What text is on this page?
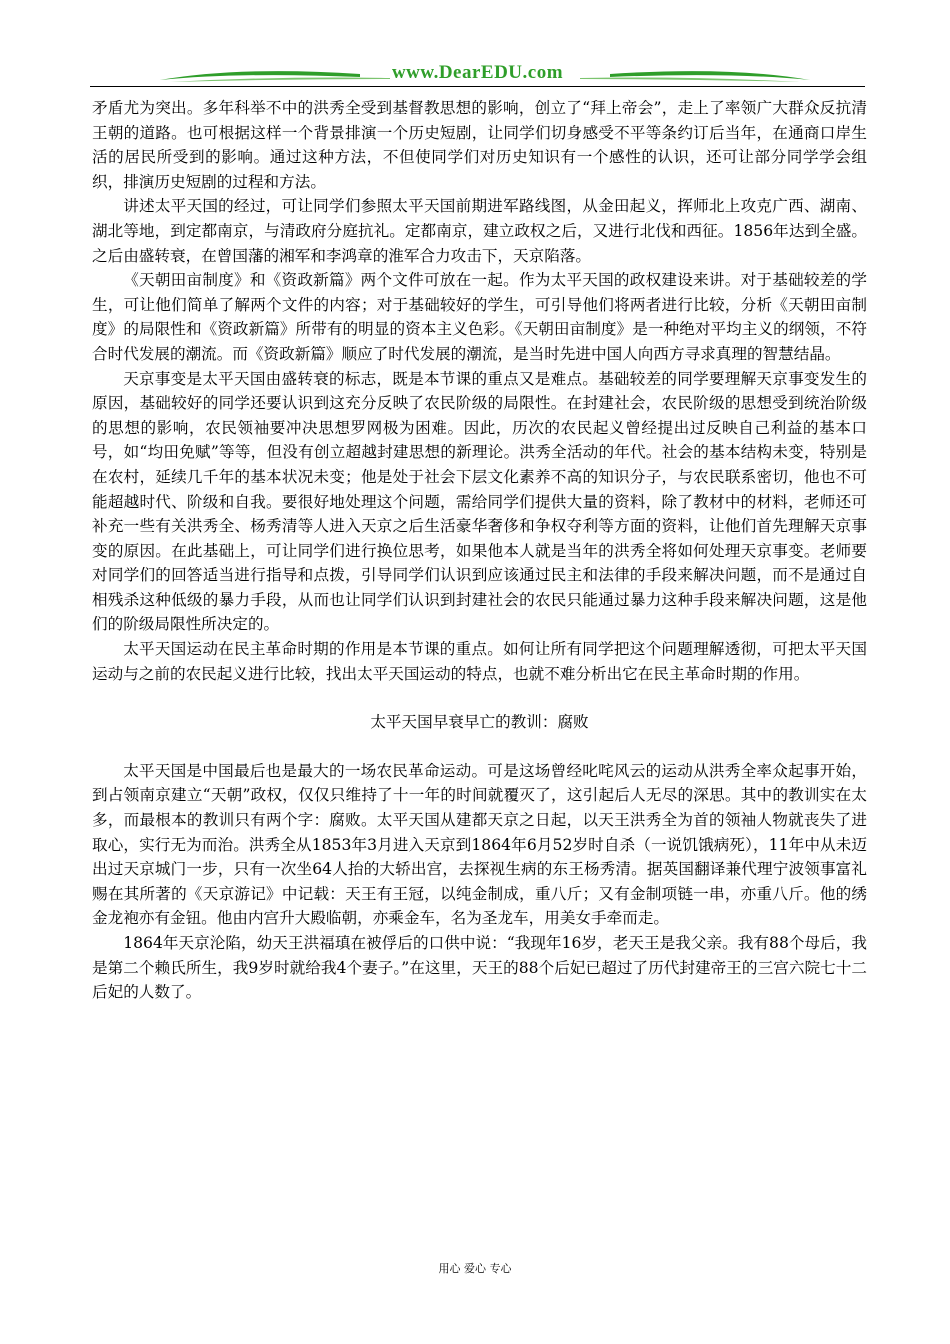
www.DearEDU.com

矛盾尤为突出。多年科举不中的洪秀全受到基督教思想的影响，创立了“拜上帝会”，走上了率领广大群众反抗清王朝的道路。也可根据这样一个背景排演一个历史短剧，让同学们切身感受不平等条约订后当年，在通商口岸生活的居民所受到的影响。通过这种方法，不但使同学们对历史知识有一个感性的认识，还可让部分同学学会组织，排演历史短剧的过程和方法。

讲述太平天国的经过，可让同学们参照太平天国前期进军路线图，从金田起义，挥师北上攻克广西、湖南、湖北等地，到定都南京，与清政府分庭抗礼。定都南京，建立政权之后，又进行北伐和西征。1856年达到全盛。之后由盛转衰，在曾国藩的湘军和李鸿章的淮军合力攻击下，天京陷落。

《天朝田亩制度》和《资政新篇》两个文件可放在一起。作为太平天国的政权建设来讲。对于基础较差的学生，可让他们简单了解两个文件的内容；对于基础较好的学生，可引导他们将两者进行比较，分析《天朝田亩制度》的局限性和《资政新篇》所带有的明显的资本主义色彩。《天朝田亩制度》是一种绝对平均主义的纲领，不符合时代发展的潮流。而《资政新篇》顺应了时代发展的潮流，是当时先进中国人向西方寻求真理的智慧结晶。

天京事变是太平天国由盛转衰的标志，既是本节课的重点又是难点。基础较差的同学要理解天京事变发生的原因，基础较好的同学还要认识到这充分反映了农民阶级的局限性。在封建社会，农民阶级的思想受到统治阶级的思想的影响，农民领袖要冲决思想罗网极为困难。因此，历次的农民起义曾经提出过反映自己利益的基本口号，如“均田免赋”等等，但没有创立超越封建思想的新理论。洪秀全活动的年代。社会的基本结构未变，特别是在农村，延续几千年的基本状况未变；他是处于社会下层文化素养不高的知识分子，与农民联系密切，他也不可能超越时代、阶级和自我。要很好地处理这个问题，需给同学们提供大量的资料，除了教材中的材料，老师还可补充一些有关洪秀全、杨秀清等人进入天京之后生活豪华奢侈和争权夺利等方面的资料，让他们首先理解天京事变的原因。在此基础上，可让同学们进行换位思考，如果他本人就是当年的洪秀全将如何处理天京事变。老师要对同学们的回答适当进行指导和点拨，引导同学们认识到应该通过民主和法律的手段来解决问题，而不是通过自相残杀这种低级的暴力手段，从而也让同学们认识到封建社会的农民只能通过暴力这种手段来解决问题，这是他们的阶级局限性所决定的。

太平天国运动在民主革命时期的作用是本节课的重点。如何让所有同学把这个问题理解透彻，可把太平天国运动与之前的农民起义进行比较，找出太平天国运动的特点，也就不难分析出它在民主革命时期的作用。

太平天国早衰早亡的教训：腐败

太平天国是中国最后也是最大的一场农民革命运动。可是这场曾经叱咤风云的运动从洪秀全率众起事开始，到占领南京建立“天朝”政权，仅仅只维持了十一年的时间就覆灭了，这引起后人无尽的深思。其中的教训实在太多，而最根本的教训只有两个字：腐败。太平天国从建都天京之日起，以天王洪秀全为首的领袖人物就丧失了进取心，实行无为而治。洪秀全从1853年3月进入天京到1864年6月52岁时自杀（一说饥饿病死），11年中从未迈出过天京城门一步，只有一次坐64人抬的大轿出宫，去探视生病的东王杨秀清。据英国翻译兼代理宁波领事富礼赐在其所著的《天京游记》中记载：天王有王冠，以纯金制成，重八斤；又有金制项链一串，亦重八斤。他的绣金龙袍亦有金钮。他由内宫升大殿临朝，亦乘金车，名为圣龙车，用美女手牵而走。

1864年天京沦陷，幼天王洪福瑱在被俘后的口供中说：“我现年16岁，老天王是我父亲。我有88个母后，我是第二个赖氏所生，我9岁时就给我4个妻子。”在这里，天王的88个后妃已超过了历代封建帝王的三宫六院七十二后妃的人数了。

用心 爱心 专心
